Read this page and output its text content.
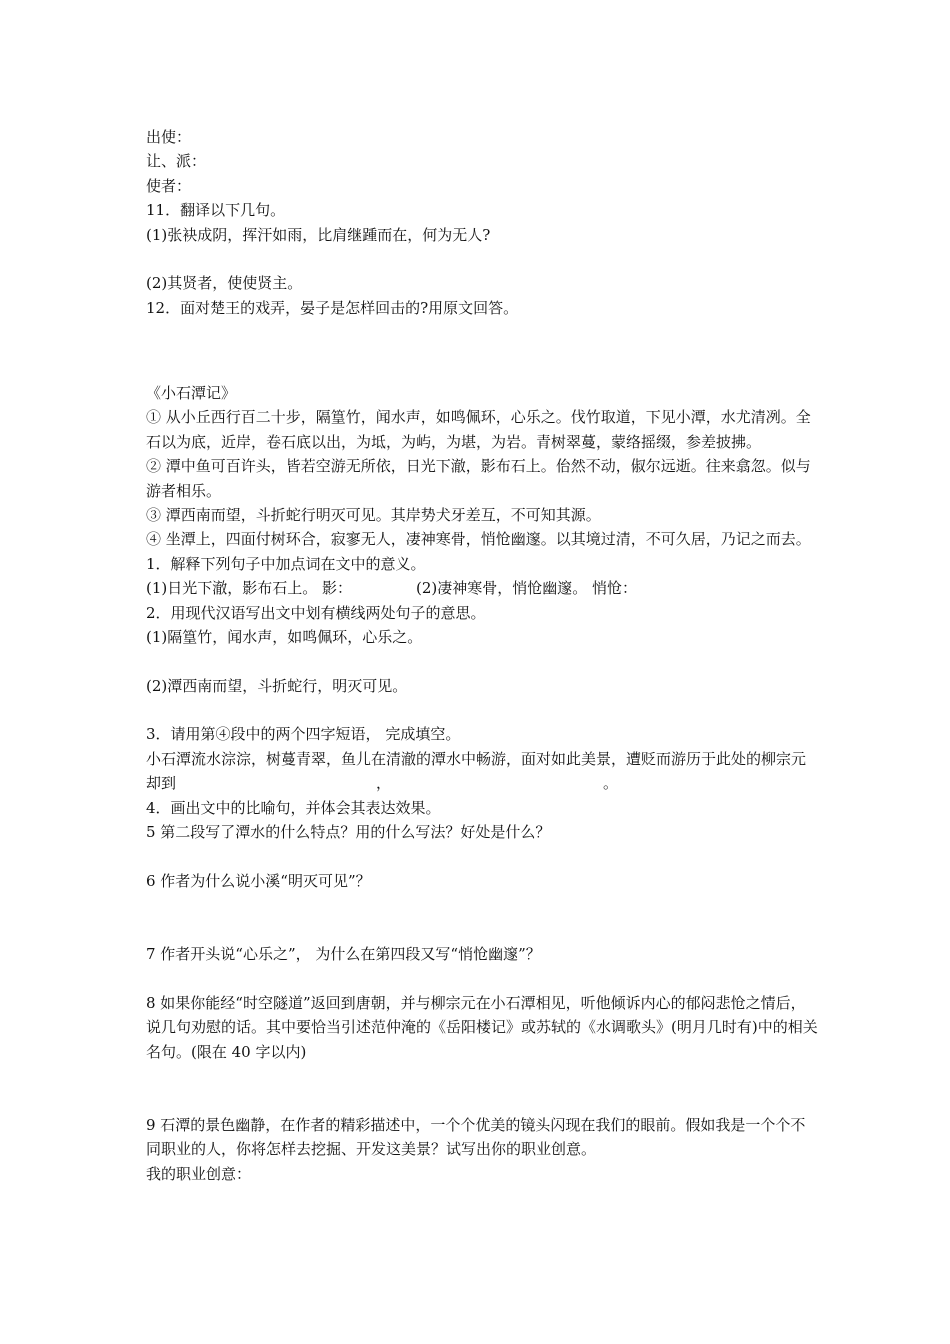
出使：
让、派：
使者：
11．翻译以下几句。
(1)张袂成阴，挥汗如雨，比肩继踵而在，何为无人?
(2)其贤者，使使贤主。
12．面对楚王的戏弄，晏子是怎样回击的?用原文回答。
《小石潭记》
① 从小丘西行百二十步，隔篁竹，闻水声，如鸣佩环，心乐之。伐竹取道，下见小潭，水尤清冽。全石以为底，近岸，卷石底以出，为坻，为屿，为堪，为岩。青树翠蔓，蒙络摇缀，参差披拂。
② 潭中鱼可百许头，皆若空游无所依，日光下澈，影布石上。佁然不动，俶尔远逝。往来翕忽。似与游者相乐。
③ 潭西南而望，斗折蛇行明灭可见。其岸势犬牙差互，不可知其源。
④ 坐潭上，四面付树环合，寂寥无人，凄神寒骨，悄怆幽邃。以其境过清，不可久居，乃记之而去。
1．解释下列句子中加点词在文中的意义。
(1)日光下澈，影布石上。 影：	(2)凄神寒骨，悄怆幽邃。 悄怆：
2．用现代汉语写出文中划有横线两处句子的意思。
(1)隔篁竹，闻水声，如鸣佩环，心乐之。
(2)潭西南而望，斗折蛇行，明灭可见。
3．请用第④段中的两个四字短语， 完成填空。
小石潭流水淙淙，树蔓青翠，鱼儿在清澈的潭水中畅游，面对如此美景，遭贬而游历于此处的柳宗元却到	，	。
4．画出文中的比喻句，并体会其表达效果。
5 第二段写了潭水的什么特点？用的什么写法？好处是什么？
6 作者为什么说小溪“明灭可见”？
7 作者开头说“心乐之”， 为什么在第四段又写“悄怆幽邃”？
8 如果你能经“时空隧道”返回到唐朝，并与柳宗元在小石潭相见，听他倾诉内心的郁闷悲怆之情后，说几句劝慰的话。其中要恰当引述范仲淹的《岳阳楼记》或苏轼的《水调歌头》(明月几时有)中的相关名句。(限在 40 字以内)
9 石潭的景色幽静，在作者的精彩描述中，一个个优美的镜头闪现在我们的眼前。假如我是一个个不同职业的人，你将怎样去挖掘、开发这美景？试写出你的职业创意。
我的职业创意：
